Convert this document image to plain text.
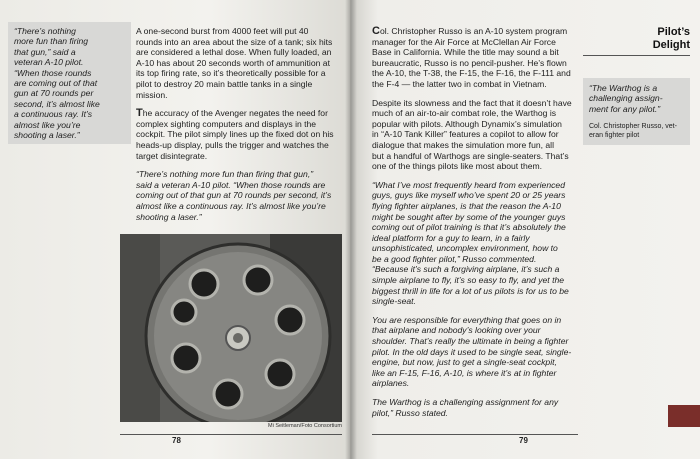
“There’s nothing
more fun than firing
that gun,” said a
veteran A-10 pilot.
“When those rounds
are coming out of that
gun at 70 rounds per
second, it’s almost like
a continuous ray. It’s
almost like you’re
shooting a laser.”

A one-second burst from 4000 feet will put 40
rounds into an area about the size of a tank; six hits
are considered a lethal dose. When fully loaded, an
A-10 has about 20 seconds worth of ammunition at
its top firing rate, so it’s theoretically possible for a
pilot to destroy 20 main battle tanks in a single
mission.

The accuracy of the Avenger negates the need for
complex sighting computers and displays in the
cockpit. The pilot simply lines up the fixed dot on his
heads-up display, pulls the trigger and watches the
target disintegrate.

“There’s nothing more fun than firing that gun,”
said a veteran A-10 pilot. “When those rounds are
coming out of that gun at 70 rounds per second, it’s
almost like a continuous ray. It’s almost like you’re
shooting a laser.”

Mi Seitleman/Foto Consortium
78

Col. Christopher Russo is an A-10 system program
manager for the Air Force at McClellan Air Force
Base in California. While the title may sound a bit
bureaucratic, Russo is no pencil-pusher. He’s flown
the A-10, the T-38, the F-15, the F-16, the F-111 and
the F-4 — the latter two in combat in Vietnam.

Despite its slowness and the fact that it doesn’t have
much of an air-to-air combat role, the Warthog is
popular with pilots. Although Dynamix’s simulation
in “A-10 Tank Killer” features a copilot to allow for
dialogue that makes the simulation more fun, all
but a handful of Warthogs are single-seaters. That’s
one of the things pilots like most about them.

“What I’ve most frequently heard from experienced
guys, guys like myself who’ve spent 20 or 25 years
flying fighter airplanes, is that the reason the A-10
might be sought after by some of the younger guys
coming out of pilot training is that it’s absolutely the
ideal platform for a guy to learn, in a fairly
unsophisticated, uncomplex environment, how to
be a good fighter pilot,” Russo commented.
“Because it’s such a forgiving airplane, it’s such a
simple airplane to fly, it’s so easy to fly, and yet the
biggest thrill in life for a lot of us pilots is for us to be
single-seat.

You are responsible for everything that goes on in
that airplane and nobody’s looking over your
shoulder. That’s really the ultimate in being a fighter
pilot. In the old days it used to be single seat, single-
engine, but now, just to get a single-seat cockpit,
like an F-15, F-16, A-10, is where it’s at in fighter
airplanes.

The Warthog is a challenging assignment for any
pilot,” Russo stated.

Pilot’s
Delight
“The Warthog is a
challenging assign-
ment for any pilot.”
Col. Christopher Russo, vet-
eran fighter pilot
79
